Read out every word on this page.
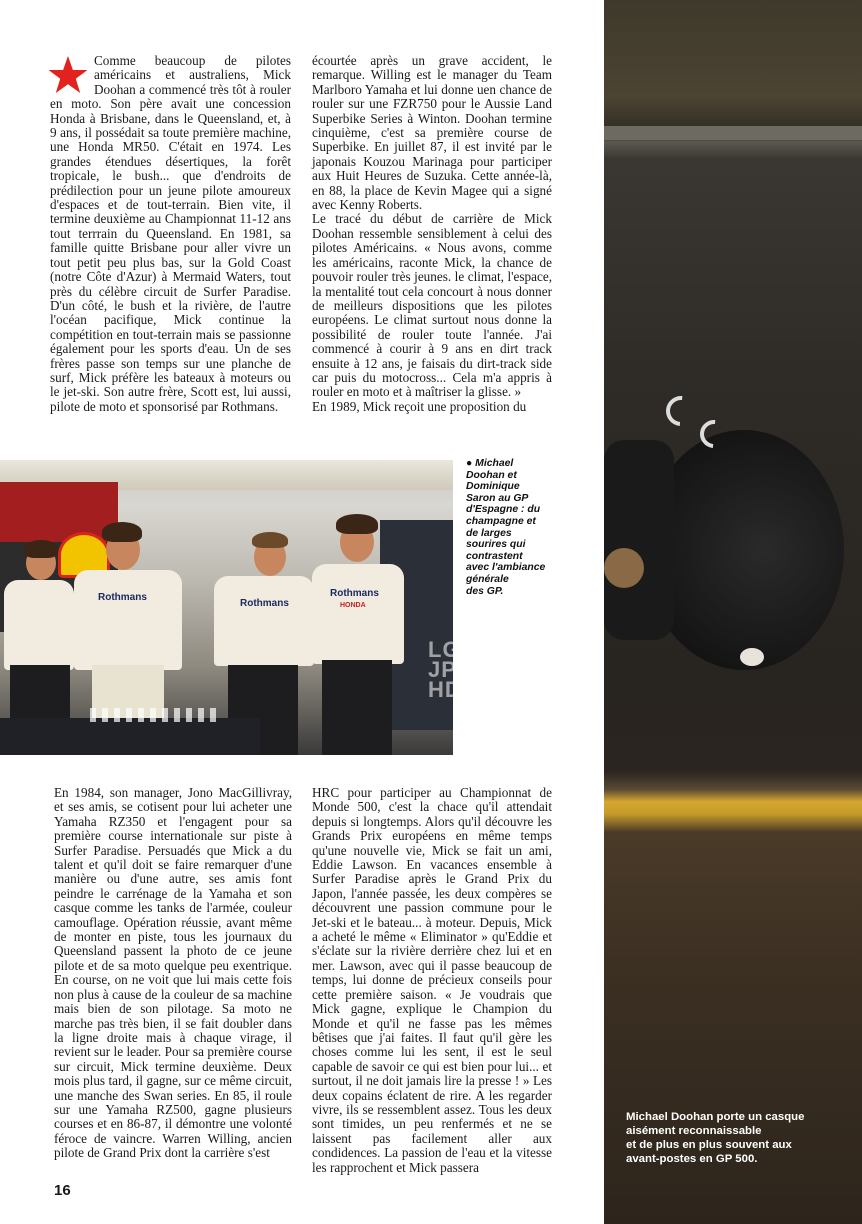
Michael Doohan porte un casque
aisément reconnaissable
et de plus en plus souvent aux
avant-postes en GP 500.

Comme beaucoup de pilotes américains et australiens, Mick Doohan a commencé très tôt à rouler en moto. Son père avait une concession Honda à Brisbane, dans le Queensland, et, à 9 ans, il possédait sa toute première machine, une Honda MR50. C'était en 1974. Les grandes étendues désertiques, la forêt tropicale, le bush... que d'endroits de prédilection pour un jeune pilote amoureux d'espaces et de tout-terrain. Bien vite, il termine deuxième au Championnat 11-12 ans tout terrrain du Queensland. En 1981, sa famille quitte Brisbane pour aller vivre un tout petit peu plus bas, sur la Gold Coast (notre Côte d'Azur) à Mermaid Waters, tout près du célèbre circuit de Surfer Paradise. D'un côté, le bush et la rivière, de l'autre l'océan pacifique, Mick continue la compétition en tout-terrain mais se passionne également pour les sports d'eau. Un de ses frères passe son temps sur une planche de surf, Mick préfère les bateaux à moteurs ou le jet-ski. Son autre frère, Scott est, lui aussi, pilote de moto et sponsorisé par Rothmans.

écourtée après un grave accident, le remarque. Willing est le manager du Team Marlboro Yamaha et lui donne uen chance de rouler sur une FZR750 pour le Aussie Land Superbike Series à Winton. Doohan termine cinquième, c'est sa première course de Superbike. En juillet 87, il est invité par le japonais Kouzou Marinaga pour participer aux Huit Heures de Suzuka. Cette année-là, en 88, la place de Kevin Magee qui a signé avec Kenny Roberts.

Le tracé du début de carrière de Mick Doohan ressemble sensiblement à celui des pilotes Américains. « Nous avons, comme les américains, raconte Mick, la chance de pouvoir rouler très jeunes. le climat, l'espace, la mentalité tout cela concourt à nous donner de meilleurs dispositions que les pilotes européens. Le climat surtout nous donne la possibilité de rouler toute l'année. J'ai commencé à courir à 9 ans en dirt track ensuite à 12 ans, je faisais du dirt-track side car puis du motocross... Cela m'a appris à rouler en moto et à maîtriser la glisse. »

En 1989, Mick reçoit une proposition du

Rothmans
Rothmans
Rothmans
HONDA
LG
JP
HD
● Michael
Doohan et
Dominique
Saron au GP
d'Espagne : du
champagne et
de larges
sourires qui
contrastent
avec l'ambiance
générale
des GP.

En 1984, son manager, Jono MacGillivray, et ses amis, se cotisent pour lui acheter une Yamaha RZ350 et l'engagent pour sa première course internationale sur piste à Surfer Paradise. Persuadés que Mick a du talent et qu'il doit se faire remarquer d'une manière ou d'une autre, ses amis font peindre le carrénage de la Yamaha et son casque comme les tanks de l'armée, couleur camouflage. Opération réussie, avant même de monter en piste, tous les journaux du Queensland passent la photo de ce jeune pilote et de sa moto quelque peu exentrique. En course, on ne voit que lui mais cette fois non plus à cause de la couleur de sa machine mais bien de son pilotage. Sa moto ne marche pas très bien, il se fait doubler dans la ligne droite mais à chaque virage, il revient sur le leader. Pour sa première course sur circuit, Mick termine deuxième. Deux mois plus tard, il gagne, sur ce même circuit, une manche des Swan series. En 85, il roule sur une Yamaha RZ500, gagne plusieurs courses et en 86-87, il démontre une volonté féroce de vaincre. Warren Willing, ancien pilote de Grand Prix dont la carrière s'est

HRC pour participer au Championnat de Monde 500, c'est la chace qu'il attendait depuis si longtemps. Alors qu'il découvre les Grands Prix européens en même temps qu'une nouvelle vie, Mick se fait un ami, Eddie Lawson. En vacances ensemble à Surfer Paradise après le Grand Prix du Japon, l'année passée, les deux compères se découvrent une passion commune pour le Jet-ski et le bateau... à moteur. Depuis, Mick a acheté le même « Eliminator » qu'Eddie et s'éclate sur la rivière derrière chez lui et en mer. Lawson, avec qui il passe beaucoup de temps, lui donne de précieux conseils pour cette première saison. « Je voudrais que Mick gagne, explique le Champion du Monde et qu'il ne fasse pas les mêmes bêtises que j'ai faites. Il faut qu'il gère les choses comme lui les sent, il est le seul capable de savoir ce qui est bien pour lui... et surtout, il ne doit jamais lire la presse ! » Les deux copains éclatent de rire. A les regarder vivre, ils se ressemblent assez. Tous les deux sont timides, un peu renfermés et ne se laissent pas facilement aller aux condidences. La passion de l'eau et la vitesse les rapprochent et Mick passera

16
